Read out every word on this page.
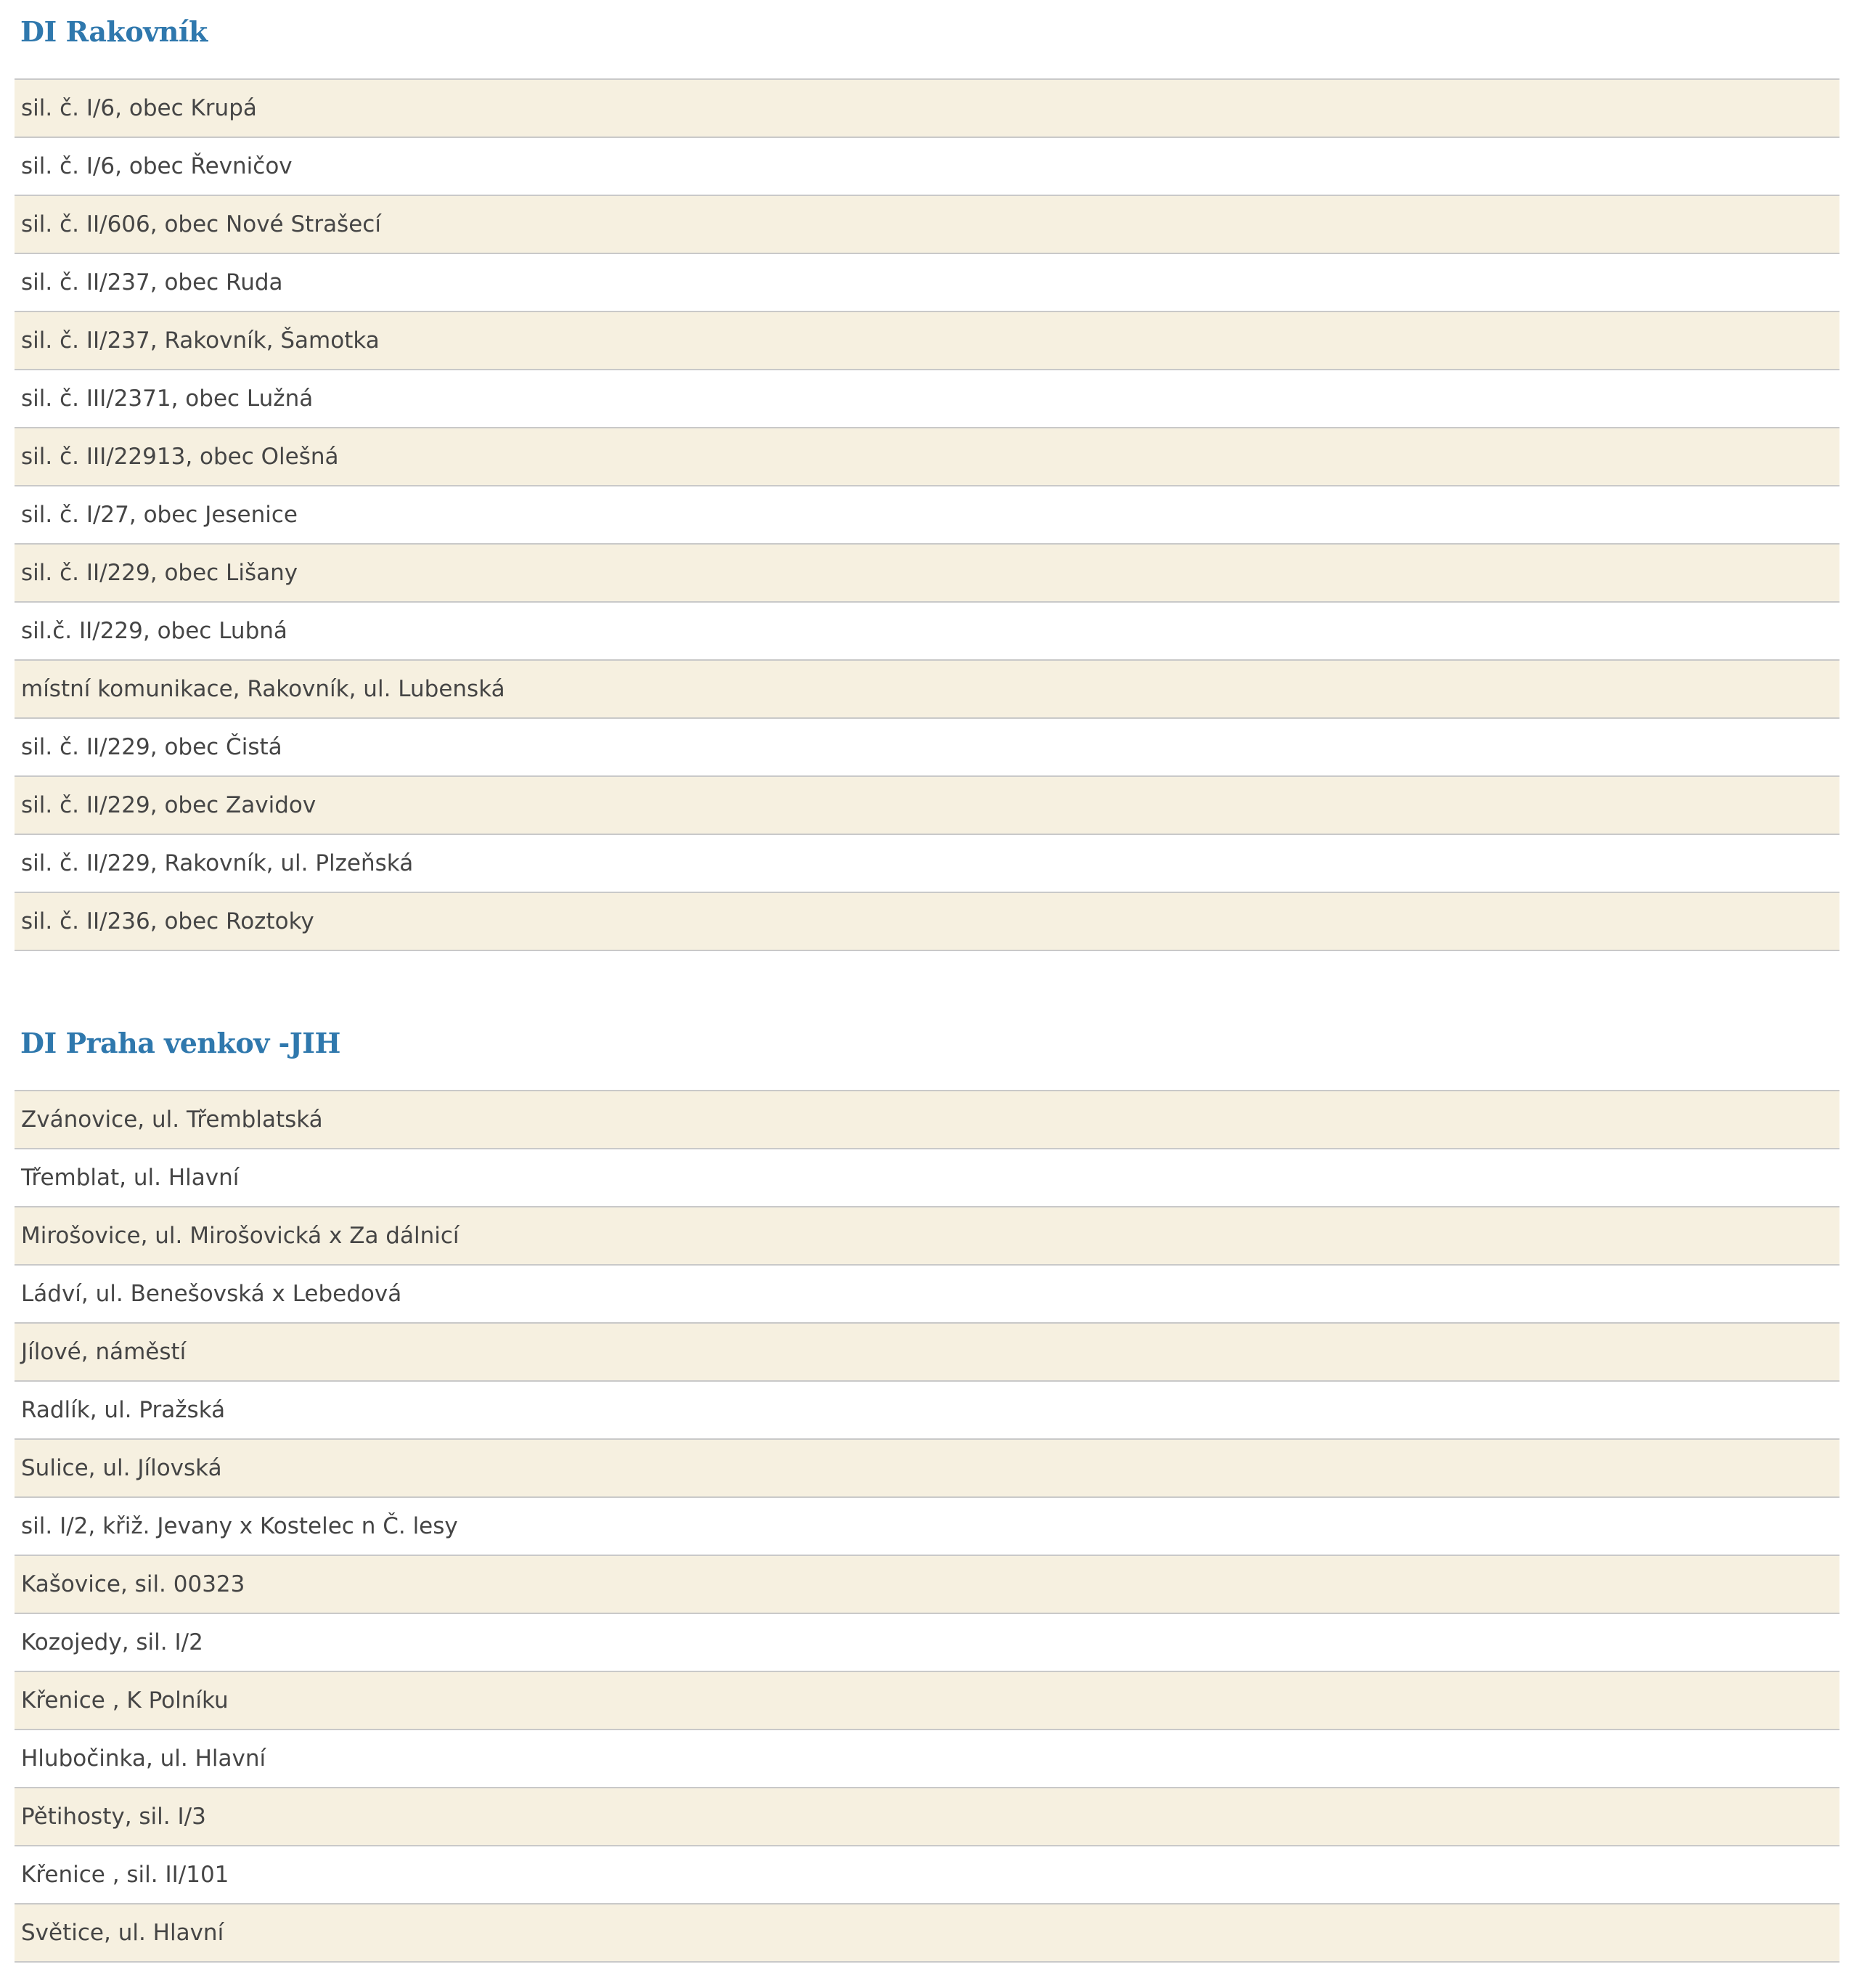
DI Rakovník
sil. č. I/6, obec Krupá
sil. č. I/6, obec Řevničov
sil. č. II/606, obec Nové Strašecí
sil. č. II/237, obec Ruda
sil. č. II/237, Rakovník, Šamotka
sil. č. III/2371, obec Lužná
sil. č. III/22913, obec Olešná
sil. č. I/27, obec Jesenice
sil. č. II/229, obec Lišany
sil.č. II/229, obec Lubná
místní komunikace, Rakovník, ul. Lubenská
sil. č. II/229, obec Čistá
sil. č. II/229, obec Zavidov
sil. č. II/229, Rakovník, ul. Plzeňská
sil. č. II/236, obec Roztoky
DI Praha venkov -JIH
Zvánovice, ul. Třemblatská
Třemblat, ul. Hlavní
Mirošovice, ul. Mirošovická x Za dálnicí
Ládví, ul. Benešovská x Lebedová
Jílové, náměstí
Radlík, ul. Pražská
Sulice, ul. Jílovská
sil. I/2, křiž. Jevany x Kostelec n Č. lesy
Kašovice, sil. 00323
Kozojedy, sil. I/2
Křenice , K Polníku
Hlubočinka, ul. Hlavní
Pětihosty, sil. I/3
Křenice , sil. II/101
Světice, ul. Hlavní
